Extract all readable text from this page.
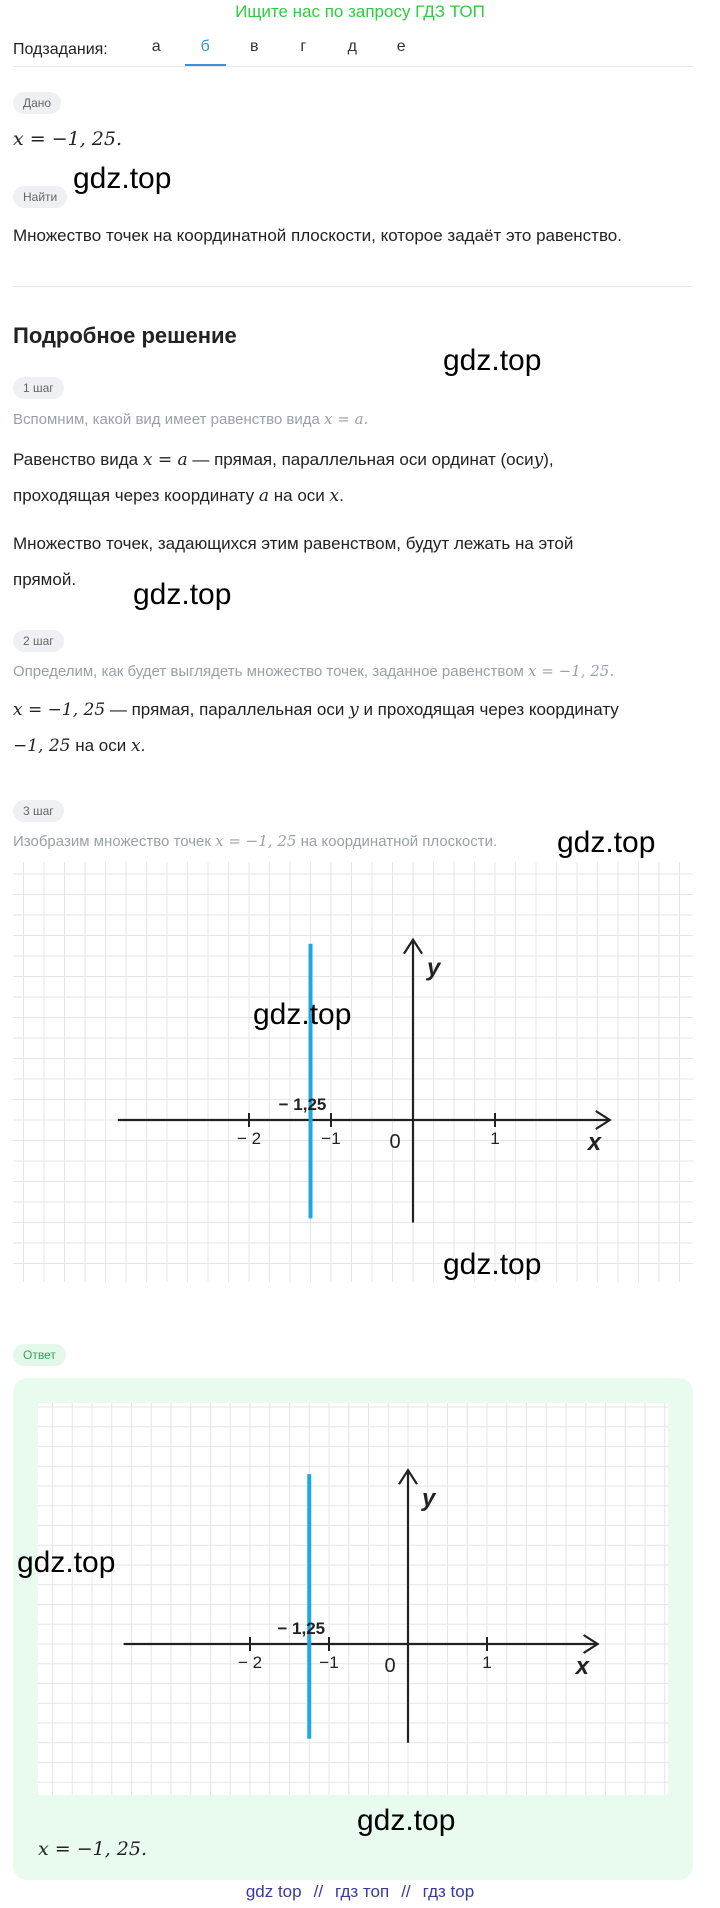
Ищите нас по запросу ГДЗ ТОП
Подзадания:	а	б	в	г	д	е
Дано
x = −1, 25.
Найти
gdz.top
Множество точек на координатной плоскости, которое задаёт это равенство.
Подробное решение
gdz.top
1 шаг
Вспомним, какой вид имеет равенство вида x = a.
Равенство вида x = a — прямая, параллельная оси ординат (осиy),
проходящая через координату a на оси x.
Множество точек, задающихся этим равенством, будут лежать на этой
прямой. gdz.top
2 шаг
Определим, как будет выглядеть множество точек, заданное равенством x = −1, 25.
x = −1, 25 — прямая, параллельная оси y и проходящая через координату
−1, 25 на оси x.
3 шаг
Изобразим множество точек x = −1, 25 на координатной плоскости. gdz.top
− 2	−1	1
0
− 1,25
x
y
gdz.top
gdz.top
Ответ
− 2	−1	1
0
− 1,25
x
y
gdz.top
gdz.top
x = −1, 25.
gdz top // гдз топ // гдз top
